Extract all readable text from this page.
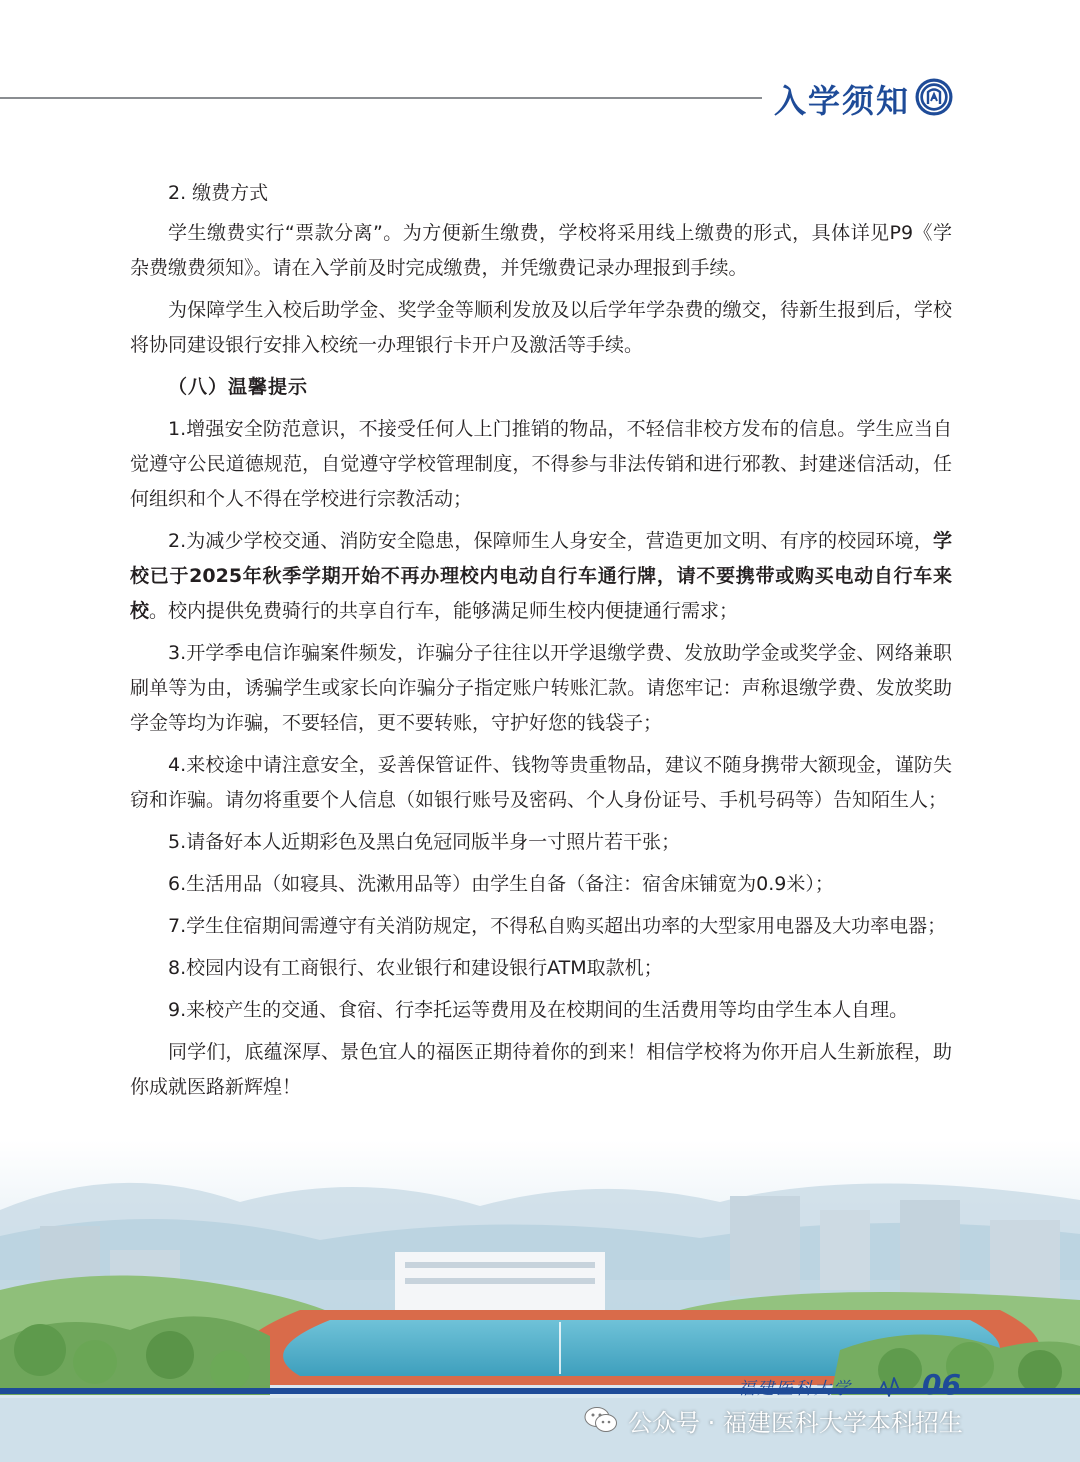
入学须知

2. 缴费方式

学生缴费实行“票款分离”。为方便新生缴费，学校将采用线上缴费的形式，具体详见P9《学杂费缴费须知》。请在入学前及时完成缴费，并凭缴费记录办理报到手续。

为保障学生入校后助学金、奖学金等顺利发放及以后学年学杂费的缴交，待新生报到后，学校将协同建设银行安排入校统一办理银行卡开户及激活等手续。

（八）温馨提示

1.增强安全防范意识，不接受任何人上门推销的物品，不轻信非校方发布的信息。学生应当自觉遵守公民道德规范，自觉遵守学校管理制度，不得参与非法传销和进行邪教、封建迷信活动，任何组织和个人不得在学校进行宗教活动；

2.为减少学校交通、消防安全隐患，保障师生人身安全，营造更加文明、有序的校园环境，学校已于2025年秋季学期开始不再办理校内电动自行车通行牌，请不要携带或购买电动自行车来校。校内提供免费骑行的共享自行车，能够满足师生校内便捷通行需求；

3.开学季电信诈骗案件频发，诈骗分子往往以开学退缴学费、发放助学金或奖学金、网络兼职刷单等为由，诱骗学生或家长向诈骗分子指定账户转账汇款。请您牢记：声称退缴学费、发放奖助学金等均为诈骗，不要轻信，更不要转账，守护好您的钱袋子；

4.来校途中请注意安全，妥善保管证件、钱物等贵重物品，建议不随身携带大额现金，谨防失窃和诈骗。请勿将重要个人信息（如银行账号及密码、个人身份证号、手机号码等）告知陌生人；

5.请备好本人近期彩色及黑白免冠同版半身一寸照片若干张；

6.生活用品（如寝具、洗漱用品等）由学生自备（备注：宿舍床铺宽为0.9米）；

7.学生住宿期间需遵守有关消防规定，不得私自购买超出功率的大型家用电器及大功率电器；

8.校园内设有工商银行、农业银行和建设银行ATM取款机；

9.来校产生的交通、食宿、行李托运等费用及在校期间的生活费用等均由学生本人自理。

同学们，底蕴深厚、景色宜人的福医正期待着你的到来！相信学校将为你开启人生新旅程，助你成就医路新辉煌！

福建医科大学	06
公众号 · 福建医科大学本科招生
